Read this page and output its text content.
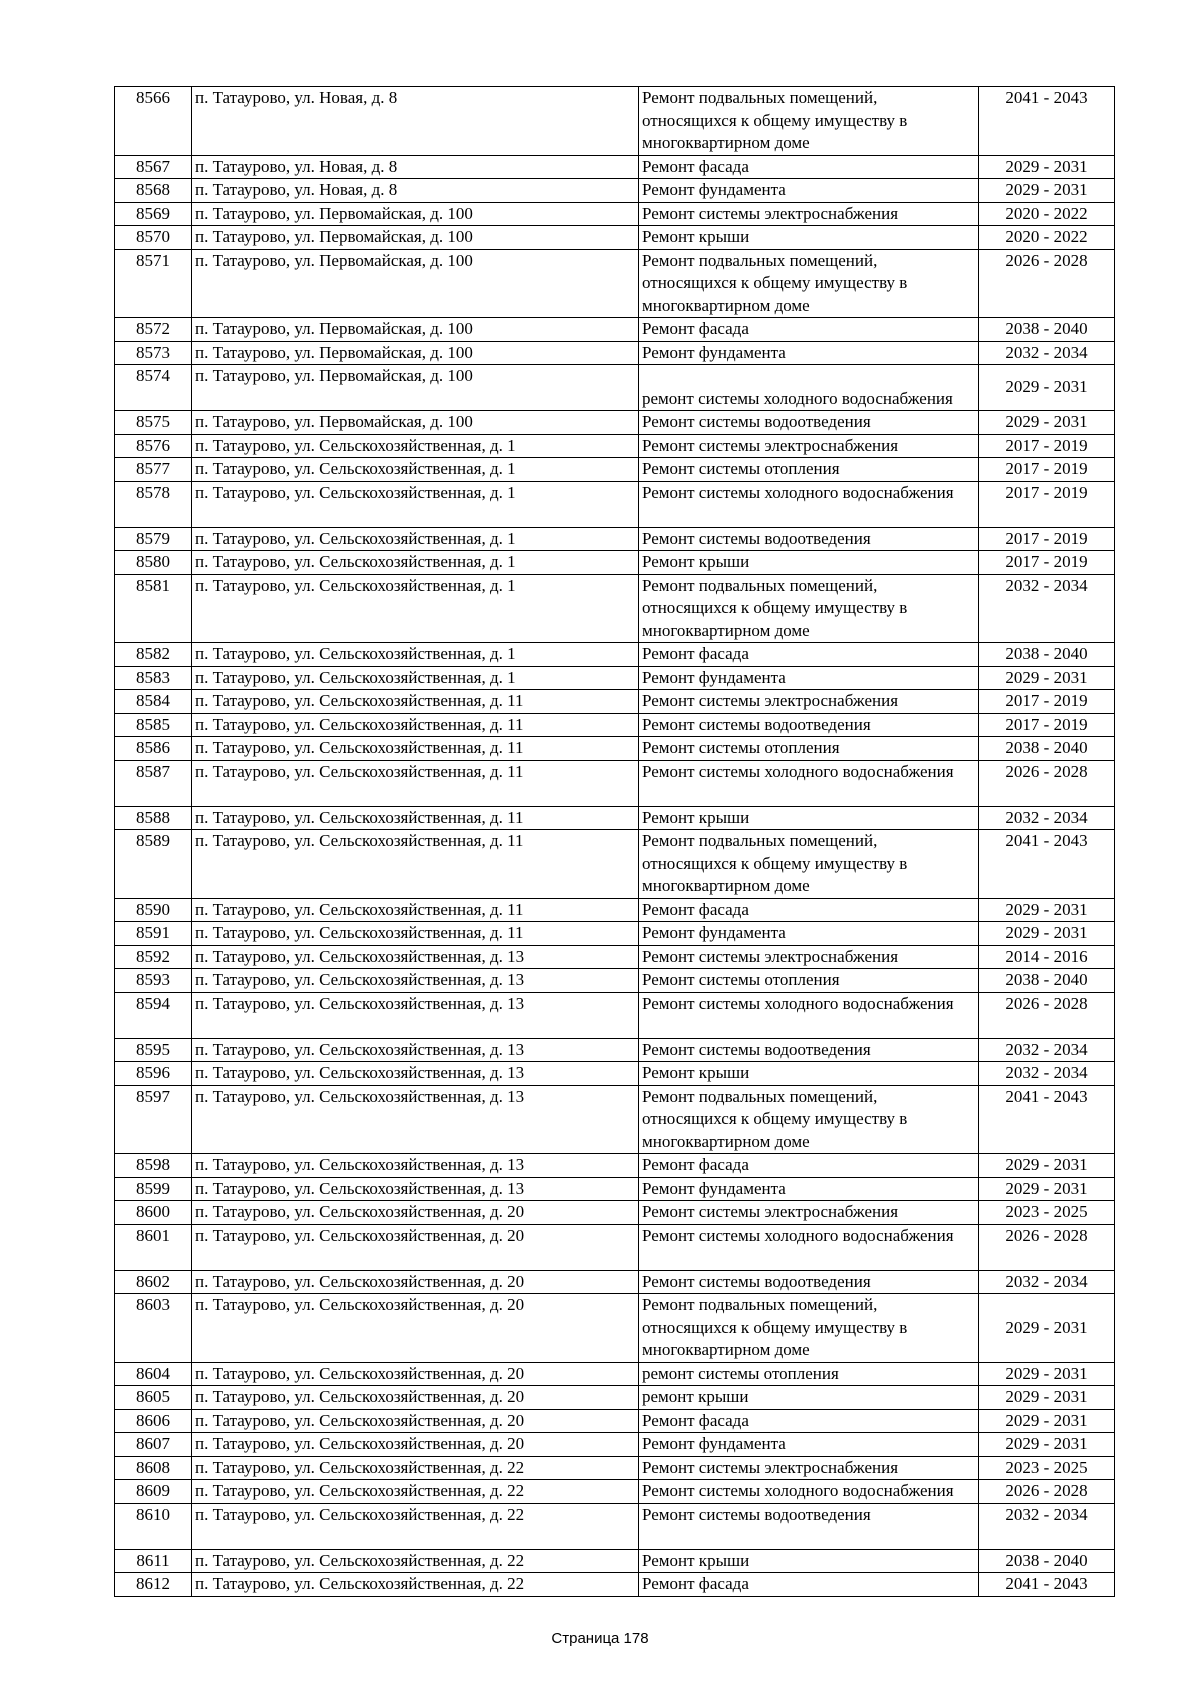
8566	п. Татаурово, ул. Новая, д. 8	Ремонт подвальных помещений, относящихся к общему имуществу в многоквартирном доме	2041 - 2043
8567	п. Татаурово, ул. Новая, д. 8	Ремонт фасада	2029 - 2031
8568	п. Татаурово, ул. Новая, д. 8	Ремонт фундамента	2029 - 2031
8569	п. Татаурово, ул. Первомайская, д. 100	Ремонт системы электроснабжения	2020 - 2022
8570	п. Татаурово, ул. Первомайская, д. 100	Ремонт крыши	2020 - 2022
8571	п. Татаурово, ул. Первомайская, д. 100	Ремонт подвальных помещений, относящихся к общему имуществу в многоквартирном доме	2026 - 2028
8572	п. Татаурово, ул. Первомайская, д. 100	Ремонт фасада	2038 - 2040
8573	п. Татаурово, ул. Первомайская, д. 100	Ремонт фундамента	2032 - 2034
8574	п. Татаурово, ул. Первомайская, д. 100	ремонт системы холодного водоснабжения	2029 - 2031
8575	п. Татаурово, ул. Первомайская, д. 100	Ремонт системы водоотведения	2029 - 2031
8576	п. Татаурово, ул. Сельскохозяйственная, д. 1	Ремонт системы электроснабжения	2017 - 2019
8577	п. Татаурово, ул. Сельскохозяйственная, д. 1	Ремонт системы отопления	2017 - 2019
8578	п. Татаурово, ул. Сельскохозяйственная, д. 1	Ремонт системы холодного водоснабжения	2017 - 2019
8579	п. Татаурово, ул. Сельскохозяйственная, д. 1	Ремонт системы водоотведения	2017 - 2019
8580	п. Татаурово, ул. Сельскохозяйственная, д. 1	Ремонт крыши	2017 - 2019
8581	п. Татаурово, ул. Сельскохозяйственная, д. 1	Ремонт подвальных помещений, относящихся к общему имуществу в многоквартирном доме	2032 - 2034
8582	п. Татаурово, ул. Сельскохозяйственная, д. 1	Ремонт фасада	2038 - 2040
8583	п. Татаурово, ул. Сельскохозяйственная, д. 1	Ремонт фундамента	2029 - 2031
8584	п. Татаурово, ул. Сельскохозяйственная, д. 11	Ремонт системы электроснабжения	2017 - 2019
8585	п. Татаурово, ул. Сельскохозяйственная, д. 11	Ремонт системы водоотведения	2017 - 2019
8586	п. Татаурово, ул. Сельскохозяйственная, д. 11	Ремонт системы отопления	2038 - 2040
8587	п. Татаурово, ул. Сельскохозяйственная, д. 11	Ремонт системы холодного водоснабжения	2026 - 2028
8588	п. Татаурово, ул. Сельскохозяйственная, д. 11	Ремонт крыши	2032 - 2034
8589	п. Татаурово, ул. Сельскохозяйственная, д. 11	Ремонт подвальных помещений, относящихся к общему имуществу в многоквартирном доме	2041 - 2043
8590	п. Татаурово, ул. Сельскохозяйственная, д. 11	Ремонт фасада	2029 - 2031
8591	п. Татаурово, ул. Сельскохозяйственная, д. 11	Ремонт фундамента	2029 - 2031
8592	п. Татаурово, ул. Сельскохозяйственная, д. 13	Ремонт системы электроснабжения	2014 - 2016
8593	п. Татаурово, ул. Сельскохозяйственная, д. 13	Ремонт системы отопления	2038 - 2040
8594	п. Татаурово, ул. Сельскохозяйственная, д. 13	Ремонт системы холодного водоснабжения	2026 - 2028
8595	п. Татаурово, ул. Сельскохозяйственная, д. 13	Ремонт системы водоотведения	2032 - 2034
8596	п. Татаурово, ул. Сельскохозяйственная, д. 13	Ремонт крыши	2032 - 2034
8597	п. Татаурово, ул. Сельскохозяйственная, д. 13	Ремонт подвальных помещений, относящихся к общему имуществу в многоквартирном доме	2041 - 2043
8598	п. Татаурово, ул. Сельскохозяйственная, д. 13	Ремонт фасада	2029 - 2031
8599	п. Татаурово, ул. Сельскохозяйственная, д. 13	Ремонт фундамента	2029 - 2031
8600	п. Татаурово, ул. Сельскохозяйственная, д. 20	Ремонт системы электроснабжения	2023 - 2025
8601	п. Татаурово, ул. Сельскохозяйственная, д. 20	Ремонт системы холодного водоснабжения	2026 - 2028
8602	п. Татаурово, ул. Сельскохозяйственная, д. 20	Ремонт системы водоотведения	2032 - 2034
8603	п. Татаурово, ул. Сельскохозяйственная, д. 20	Ремонт подвальных помещений, относящихся к общему имуществу в многоквартирном доме	2029 - 2031
8604	п. Татаурово, ул. Сельскохозяйственная, д. 20	ремонт системы отопления	2029 - 2031
8605	п. Татаурово, ул. Сельскохозяйственная, д. 20	ремонт крыши	2029 - 2031
8606	п. Татаурово, ул. Сельскохозяйственная, д. 20	Ремонт фасада	2029 - 2031
8607	п. Татаурово, ул. Сельскохозяйственная, д. 20	Ремонт фундамента	2029 - 2031
8608	п. Татаурово, ул. Сельскохозяйственная, д. 22	Ремонт системы электроснабжения	2023 - 2025
8609	п. Татаурово, ул. Сельскохозяйственная, д. 22	Ремонт системы холодного водоснабжения	2026 - 2028
8610	п. Татаурово, ул. Сельскохозяйственная, д. 22	Ремонт системы водоотведения	2032 - 2034
8611	п. Татаурово, ул. Сельскохозяйственная, д. 22	Ремонт крыши	2038 - 2040
8612	п. Татаурово, ул. Сельскохозяйственная, д. 22	Ремонт фасада	2041 - 2043
Страница 178
